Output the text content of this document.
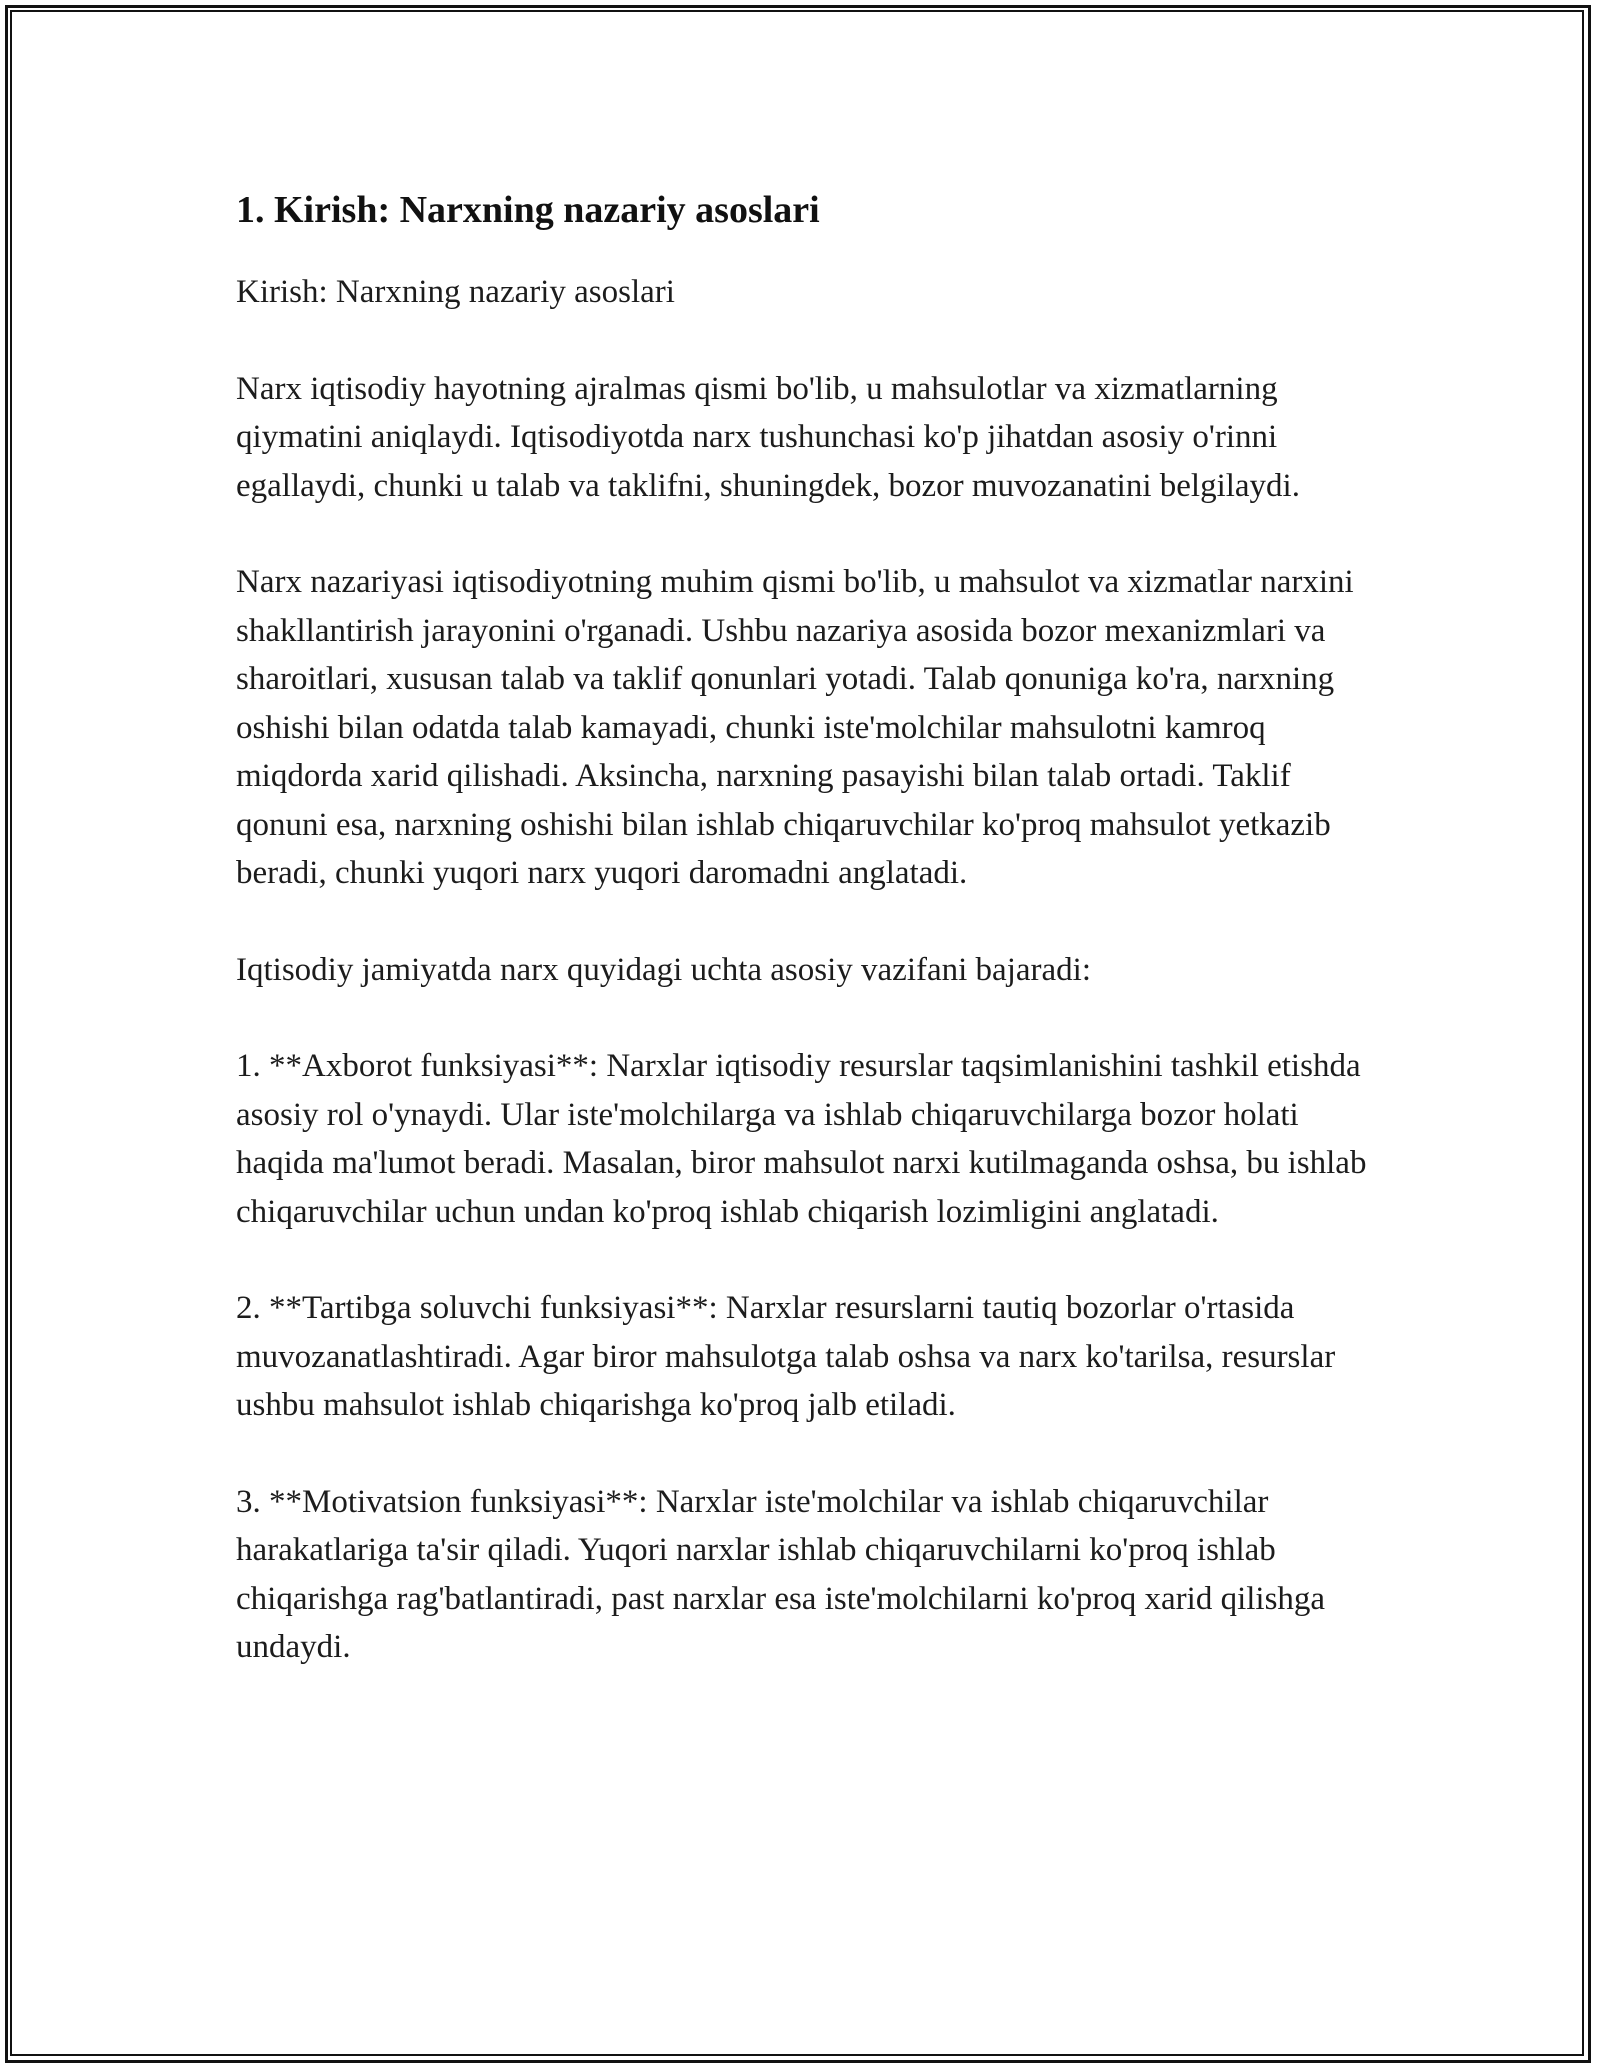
1. Kirish: Narxning nazariy asoslari

Kirish: Narxning nazariy asoslari

Narx iqtisodiy hayotning ajralmas qismi bo'lib, u mahsulotlar va xizmatlarning qiymatini aniqlaydi. Iqtisodiyotda narx tushunchasi ko'p jihatdan asosiy o'rinni egallaydi, chunki u talab va taklifni, shuningdek, bozor muvozanatini belgilaydi.

Narx nazariyasi iqtisodiyotning muhim qismi bo'lib, u mahsulot va xizmatlar narxini shakllantirish jarayonini o'rganadi. Ushbu nazariya asosida bozor mexanizmlari va sharoitlari, xususan talab va taklif qonunlari yotadi. Talab qonuniga ko'ra, narxning oshishi bilan odatda talab kamayadi, chunki iste'molchilar mahsulotni kamroq miqdorda xarid qilishadi. Aksincha, narxning pasayishi bilan talab ortadi. Taklif qonuni esa, narxning oshishi bilan ishlab chiqaruvchilar ko'proq mahsulot yetkazib beradi, chunki yuqori narx yuqori daromadni anglatadi.

Iqtisodiy jamiyatda narx quyidagi uchta asosiy vazifani bajaradi:

1. **Axborot funksiyasi**: Narxlar iqtisodiy resurslar taqsimlanishini tashkil etishda asosiy rol o'ynaydi. Ular iste'molchilarga va ishlab chiqaruvchilarga bozor holati haqida ma'lumot beradi. Masalan, biror mahsulot narxi kutilmaganda oshsa, bu ishlab chiqaruvchilar uchun undan ko'proq ishlab chiqarish lozimligini anglatadi.

2. **Tartibga soluvchi funksiyasi**: Narxlar resurslarni tautiq bozorlar o'rtasida muvozanatlashtiradi. Agar biror mahsulotga talab oshsa va narx ko'tarilsa, resurslar ushbu mahsulot ishlab chiqarishga ko'proq jalb etiladi.

3. **Motivatsion funksiyasi**: Narxlar iste'molchilar va ishlab chiqaruvchilar harakatlariga ta'sir qiladi. Yuqori narxlar ishlab chiqaruvchilarni ko'proq ishlab chiqarishga rag'batlantiradi, past narxlar esa iste'molchilarni ko'proq xarid qilishga undaydi.
